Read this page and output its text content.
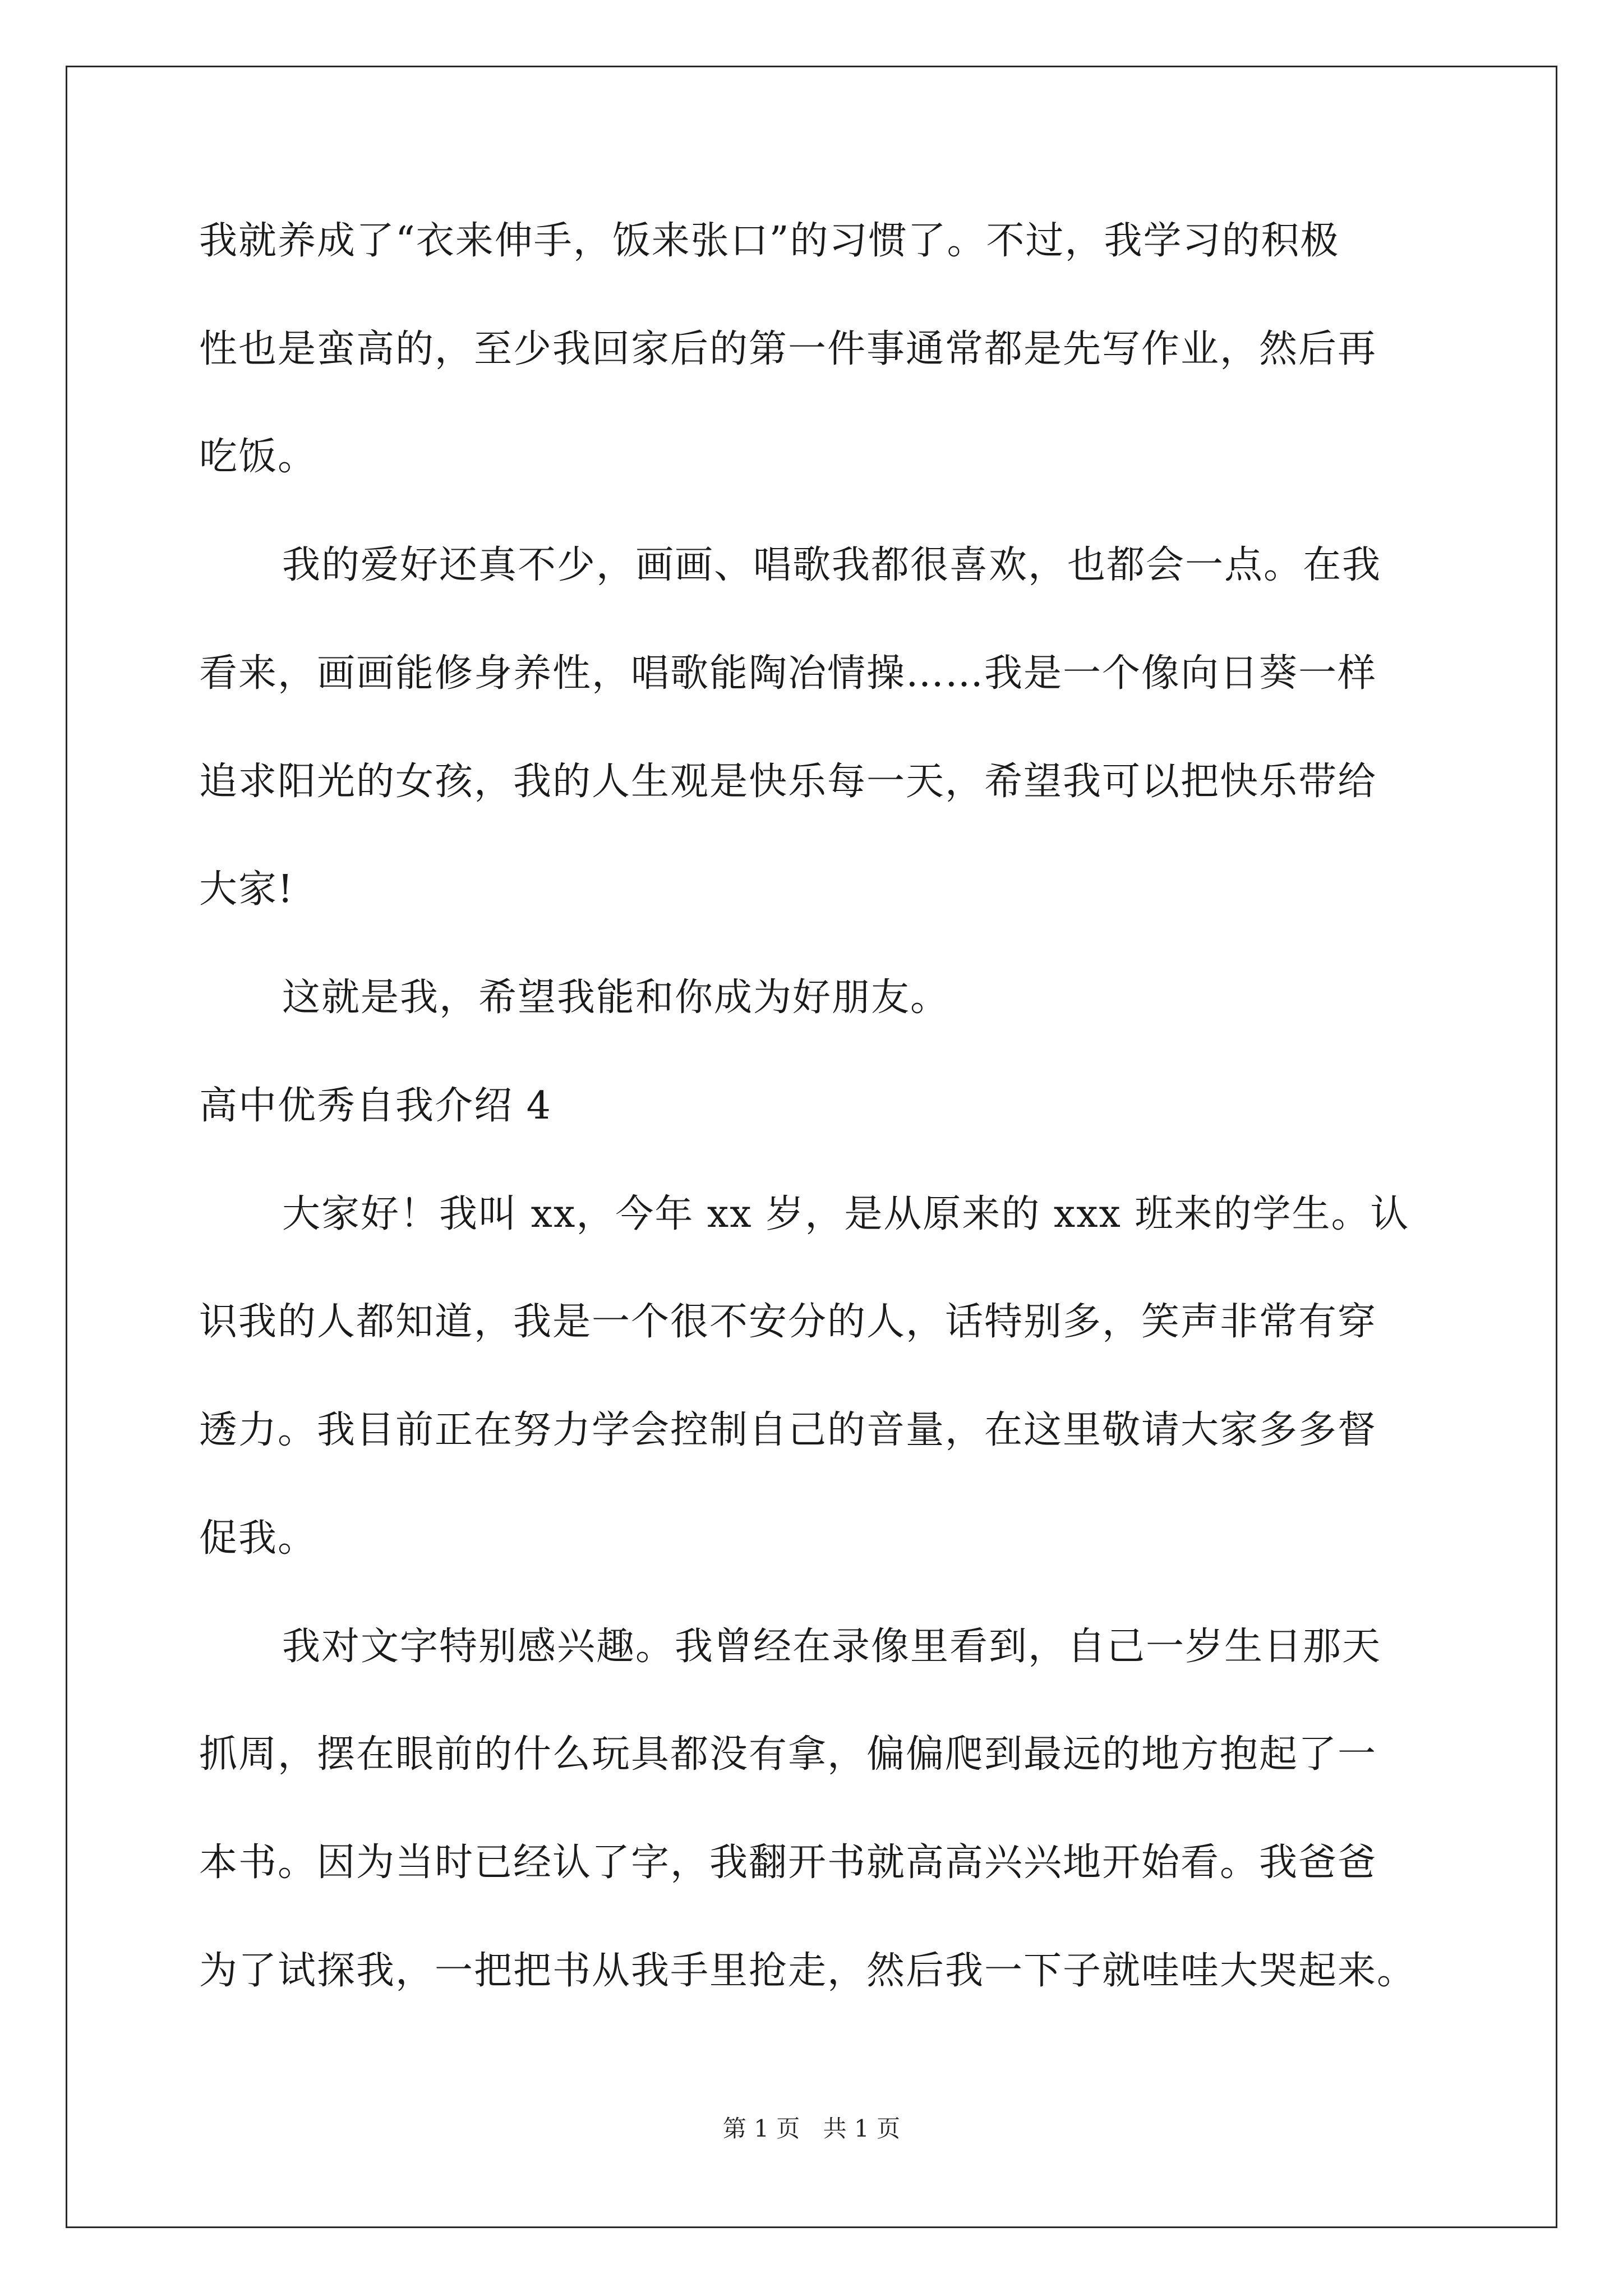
我就养成了“衣来伸手，饭来张口”的习惯了。不过，我学习的积极
性也是蛮高的，至少我回家后的第一件事通常都是先写作业，然后再
吃饭。
我的爱好还真不少，画画、唱歌我都很喜欢，也都会一点。在我
看来，画画能修身养性，唱歌能陶冶情操……我是一个像向日葵一样
追求阳光的女孩，我的人生观是快乐每一天，希望我可以把快乐带给
大家!
这就是我，希望我能和你成为好朋友。
高中优秀自我介绍 4
大家好！我叫 xx，今年 xx 岁，是从原来的 xxx 班来的学生。认
识我的人都知道，我是一个很不安分的人，话特别多，笑声非常有穿
透力。我目前正在努力学会控制自己的音量，在这里敬请大家多多督
促我。
我对文字特别感兴趣。我曾经在录像里看到，自己一岁生日那天
抓周，摆在眼前的什么玩具都没有拿，偏偏爬到最远的地方抱起了一
本书。因为当时已经认了字，我翻开书就高高兴兴地开始看。我爸爸
为了试探我，一把把书从我手里抢走，然后我一下子就哇哇大哭起来。
第 1 页 共 1 页
